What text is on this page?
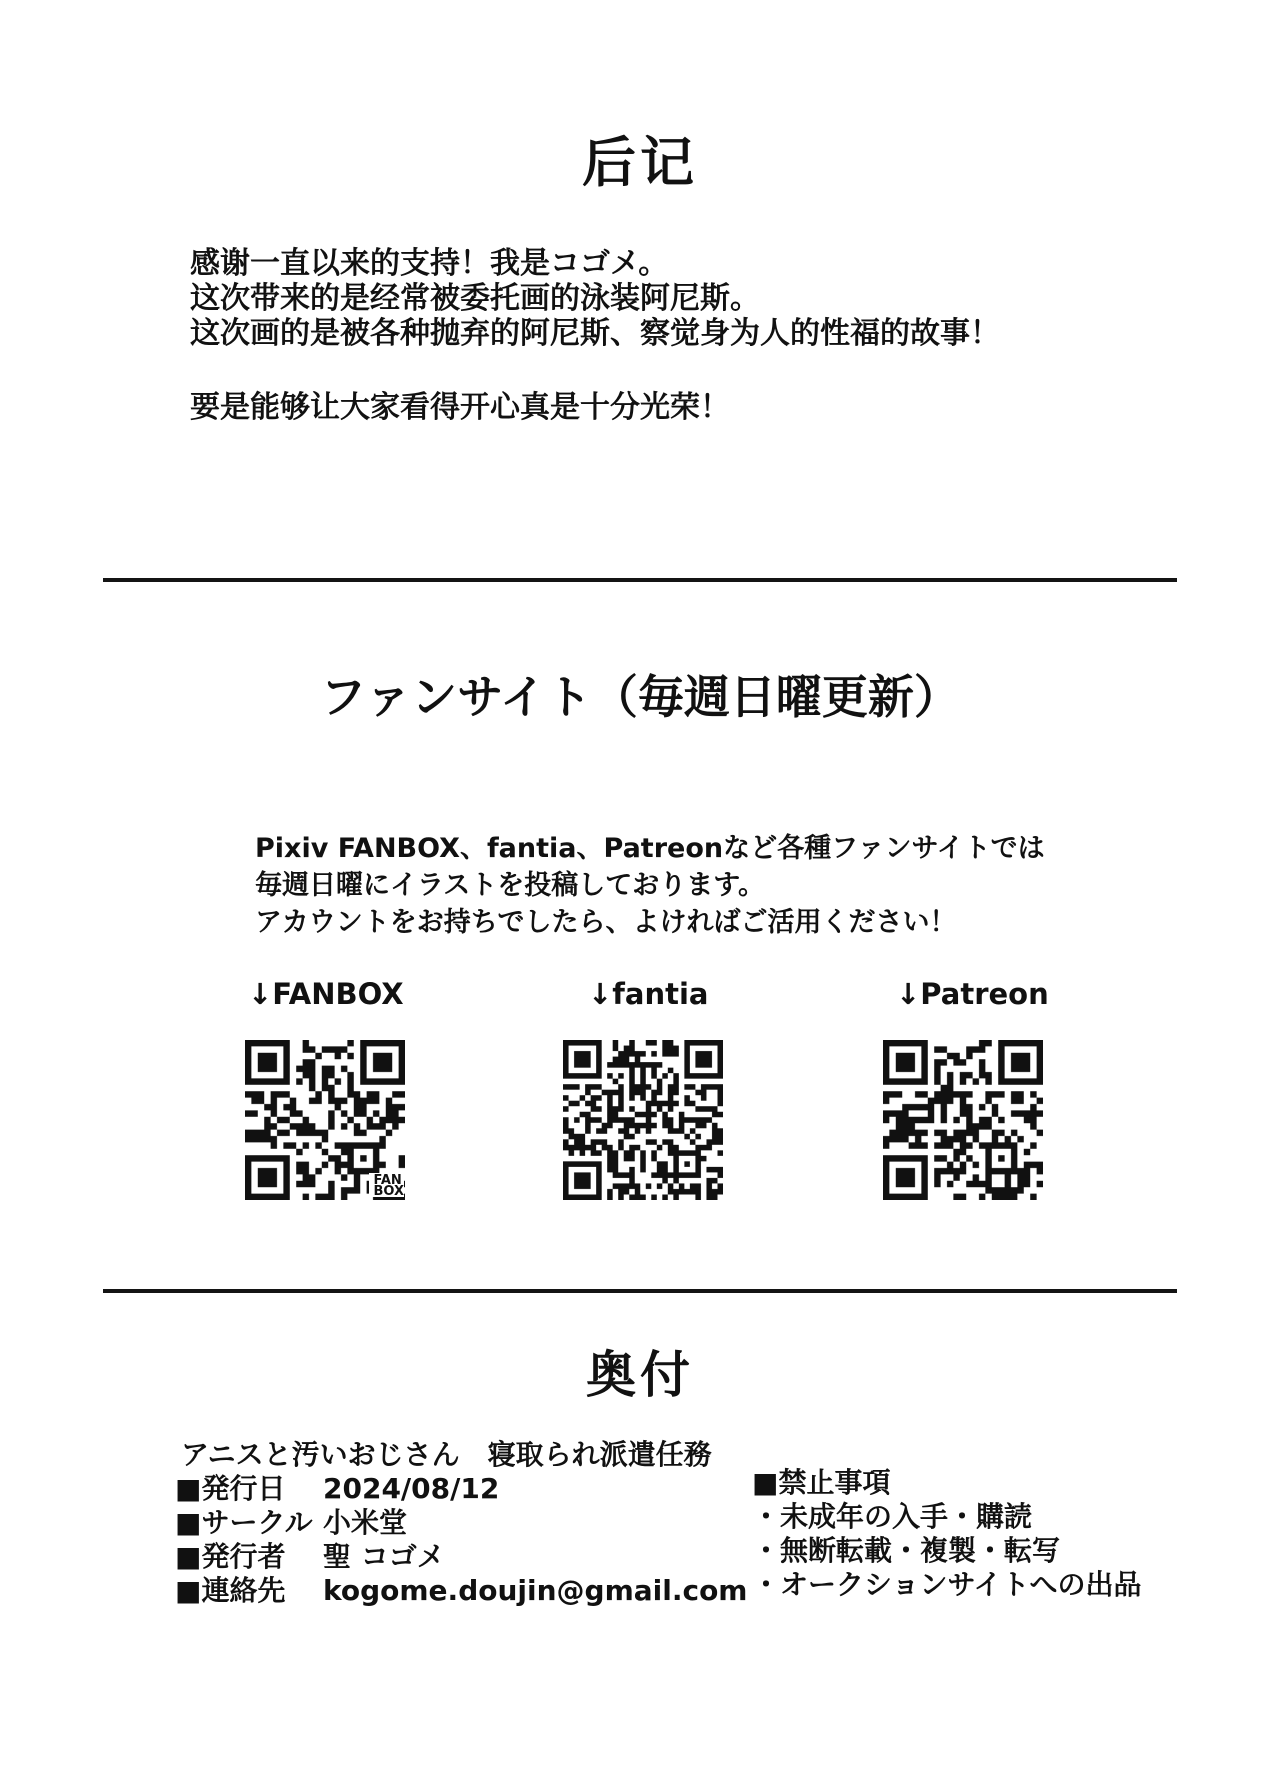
后记

感谢一直以来的支持！我是コゴメ。

这次带来的是经常被委托画的泳装阿尼斯。

这次画的是被各种抛弃的阿尼斯、察觉身为人的性福的故事！

要是能够让大家看得开心真是十分光荣！
ファンサイト（毎週日曜更新）

Pixiv FANBOX、fantia、Patreonなど各種ファンサイトでは

毎週日曜にイラストを投稿しております。

アカウントをお持ちでしたら、よければご活用ください！

↓FANBOX	↓fantia	↓Patreon
FAN
BOX
奥付
アニスと汚いおじさん　寝取られ派遣任務
■発行日	2024/08/12
■サークル 小米堂
■発行者	聖 コゴメ
■連絡先	kogome.doujin@gmail.com
■禁止事項
・未成年の入手・購読
・無断転載・複製・転写
・オークションサイトへの出品
